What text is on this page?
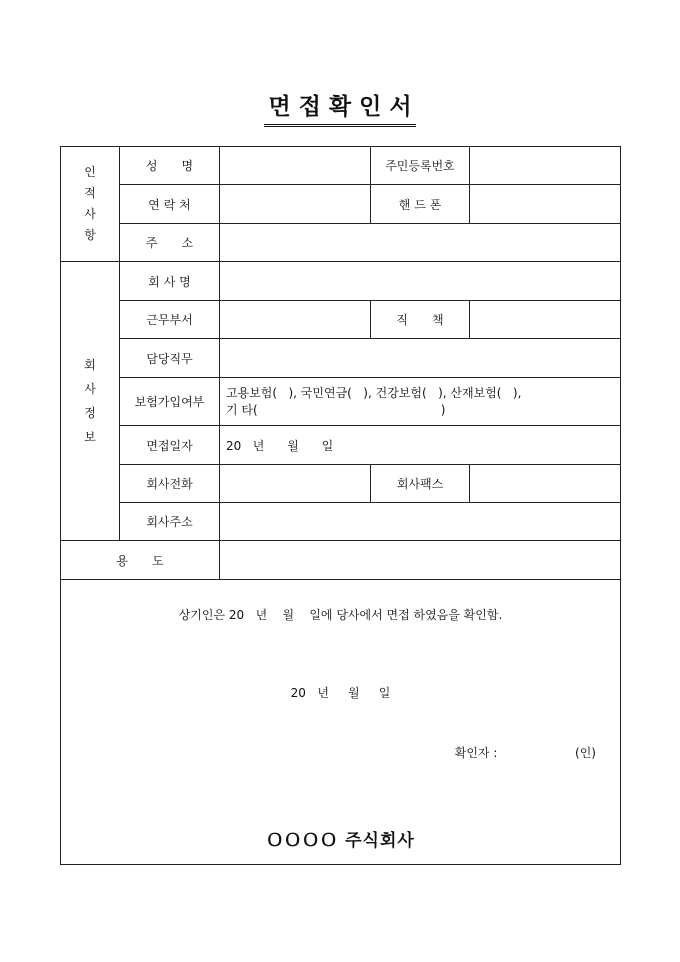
면 접 확 인 서
인
적
사
항	성　　명		주민등록번호	
	연 락 처		핸 드 폰	
	주　　소			

회
사
정
보	회 사 명			
	근무부서		직　　책	
	담당직무			
	보험가입여부	고용보험(   ), 국민연금(   ), 건강보험(   ), 산재보험(   ),
기 타(                                                )		

	면접일자	20   년      월      일		
	회사전화		회사팩스	
	회사주소			
용　　도				

상기인은 20   년    월    일에 당사에서 면접 하였음을 확인함.
20   년     월     일
확인자 : (인)
ＯＯＯＯ 주식회사				
